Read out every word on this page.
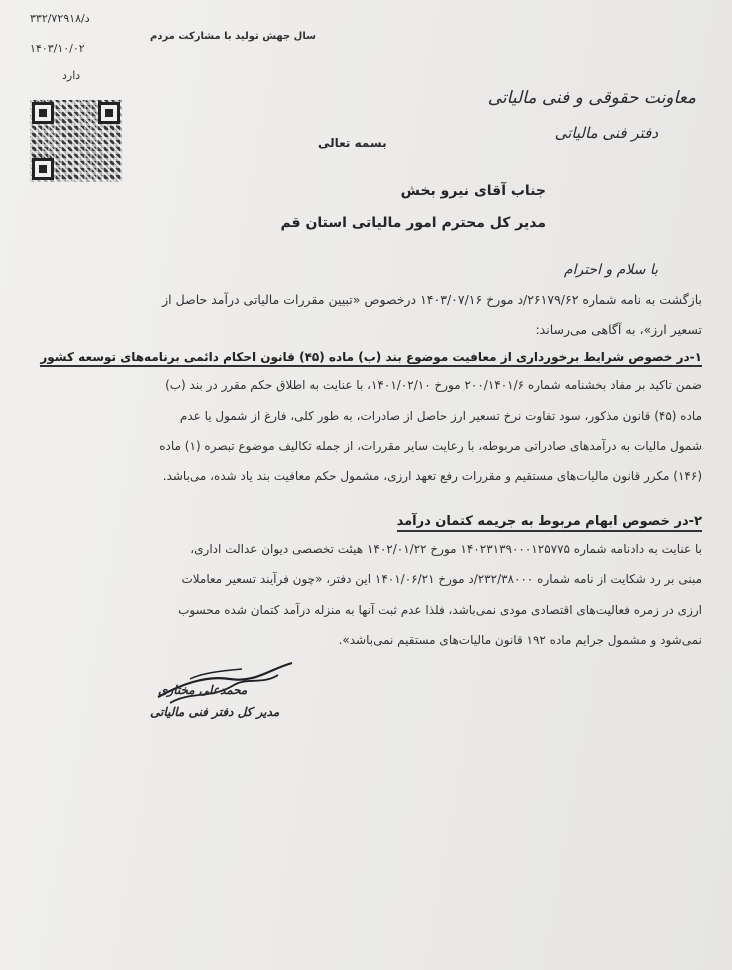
۳۳۲/۷۲۹۱۸/د

۱۴۰۳/۱۰/۰۲

دارد

سال جهش تولید با مشارکت مردم

معاونت حقوقی و فنی مالیاتی

دفتر فنی مالیاتی

بسمه تعالی

جناب آقای نیرو بخش

مدیر کل محترم امور مالیاتی استان قم

با سلام و احترام

بازگشت به نامه شماره ۲۶۱۷۹/۶۲/د مورخ ۱۴۰۳/۰۷/۱۶ درخصوص «تبیین مقررات مالیاتی درآمد حاصل از

تسعیر ارز»، به آگاهی می‌رساند:

۱-در خصوص شرایط برخورداری از معافیت موضوع بند (ب) ماده (۴۵) قانون احکام دائمی برنامه‌های توسعه کشور

ضمن تاکید بر مفاد بخشنامه شماره ۲۰۰/۱۴۰۱/۶ مورخ ۱۴۰۱/۰۲/۱۰، با عنایت به اطلاق حکم مقرر در بند (ب)

ماده (۴۵) قانون مذکور، سود تفاوت نرخ تسعیر ارز حاصل از صادرات، به طور کلی، فارغ از شمول یا عدم

شمول مالیات به درآمدهای صادراتی مربوطه، با رعایت سایر مقررات، از جمله تکالیف موضوع تبصره (۱) ماده

(۱۴۶) مکرر قانون مالیات‌های مستقیم و مقررات رفع تعهد ارزی، مشمول حکم معافیت بند یاد شده، می‌باشد.

۲-در خصوص ابهام مربوط به جریمه کتمان درآمد

با عنایت به دادنامه شماره ۱۴۰۲۳۱۳۹۰۰۰۱۲۵۷۷۵ مورخ ۱۴۰۲/۰۱/۲۲ هیئت تخصصی دیوان عدالت اداری،

مبنی بر رد شکایت از نامه شماره ۲۳۲/۳۸۰۰۰/د مورخ ۱۴۰۱/۰۶/۲۱ این دفتر، «چون فرآیند تسعیر معاملات

ارزی در زمره فعالیت‌های اقتصادی مودی نمی‌باشد، فلذا عدم ثبت آنها به منزله درآمد کتمان شده محسوب

نمی‌شود و مشمول جرایم ماده ۱۹۲ قانون مالیات‌های مستقیم نمی‌باشد».

محمدعلی مختاری

مدیر کل دفتر فنی مالیاتی
